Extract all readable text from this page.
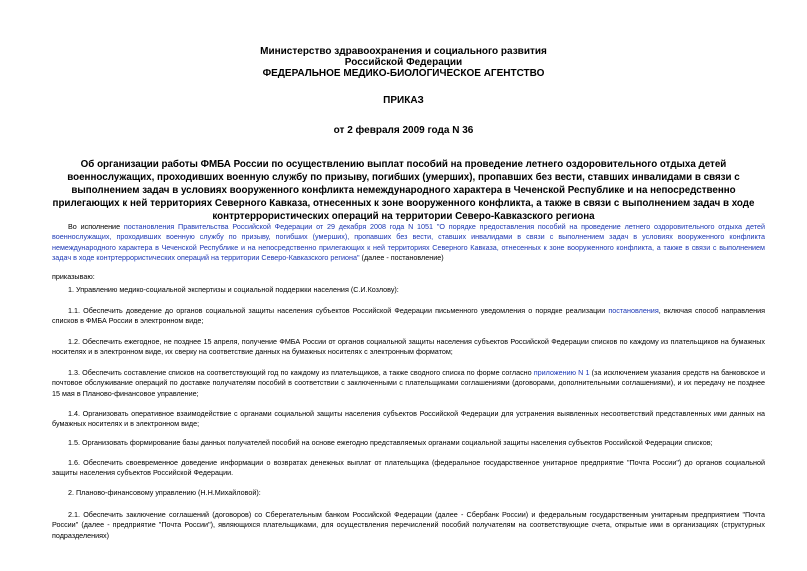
Министерство здравоохранения и социального развития
Российской Федерации
ФЕДЕРАЛЬНОЕ МЕДИКО-БИОЛОГИЧЕСКОЕ АГЕНТСТВО
ПРИКАЗ
от 2 февраля 2009 года N 36
Об организации работы ФМБА России по осуществлению выплат пособий на проведение летнего оздоровительного отдыха детей военнослужащих, проходивших военную службу по призыву, погибших (умерших), пропавших без вести, ставших инвалидами в связи с выполнением задач в условиях вооруженного конфликта немеждународного характера в Чеченской Республике и на непосредственно прилегающих к ней территориях Северного Кавказа, отнесенных к зоне вооруженного конфликта, а также в связи с выполнением задач в ходе контртеррористических операций на территории Северо-Кавказского региона
Во исполнение постановления Правительства Российской Федерации от 29 декабря 2008 года N 1051 "О порядке предоставления пособий на проведение летнего оздоровительного отдыха детей военнослужащих, проходивших военную службу по призыву, погибших (умерших), пропавших без вести, ставших инвалидами в связи с выполнением задач в условиях вооруженного конфликта немеждународного характера в Чеченской Республике и на непосредственно прилегающих к ней территориях Северного Кавказа, отнесенных к зоне вооруженного конфликта, а также в связи с выполнением задач в ходе контртеррористических операций на территории Северо-Кавказского региона" (далее - постановление)
приказываю:
1. Управлению медико-социальной экспертизы и социальной поддержки населения (С.И.Козлову):
1.1. Обеспечить доведение до органов социальной защиты населения субъектов Российской Федерации письменного уведомления о порядке реализации постановления, включая способ направления списков в ФМБА России в электронном виде;
1.2. Обеспечить ежегодное, не позднее 15 апреля, получение ФМБА России от органов социальной защиты населения субъектов Российской Федерации списков по каждому из плательщиков на бумажных носителях и в электронном виде, их сверку на соответствие данных на бумажных носителях с электронным форматом;
1.3. Обеспечить составление списков на соответствующий год по каждому из плательщиков, а также сводного списка по форме согласно приложению N 1 (за исключением указания средств на банковское и почтовое обслуживание операций по доставке получателям пособий в соответствии с заключенными с плательщиками соглашениями (договорами, дополнительными соглашениями), и их передачу не позднее 15 мая в Планово-финансовое управление;
1.4. Организовать оперативное взаимодействие с органами социальной защиты населения субъектов Российской Федерации для устранения выявленных несоответствий представленных ими данных на бумажных носителях и в электронном виде;
1.5. Организовать формирование базы данных получателей пособий на основе ежегодно представляемых органами социальной защиты населения субъектов Российской Федерации списков;
1.6. Обеспечить своевременное доведение информации о возвратах денежных выплат от плательщика (федеральное государственное унитарное предприятие "Почта России") до органов социальной защиты населения субъектов Российской Федерации.
2. Планово-финансовому управлению (Н.Н.Михайловой):
2.1. Обеспечить заключение соглашений (договоров) со Сберегательным банком Российской Федерации (далее - Сбербанк России) и федеральным государственным унитарным предприятием "Почта России" (далее - предприятие "Почта России"), являющихся плательщиками, для осуществления перечислений пособий получателям на соответствующие счета, открытые ими в организациях (структурных подразделениях)
